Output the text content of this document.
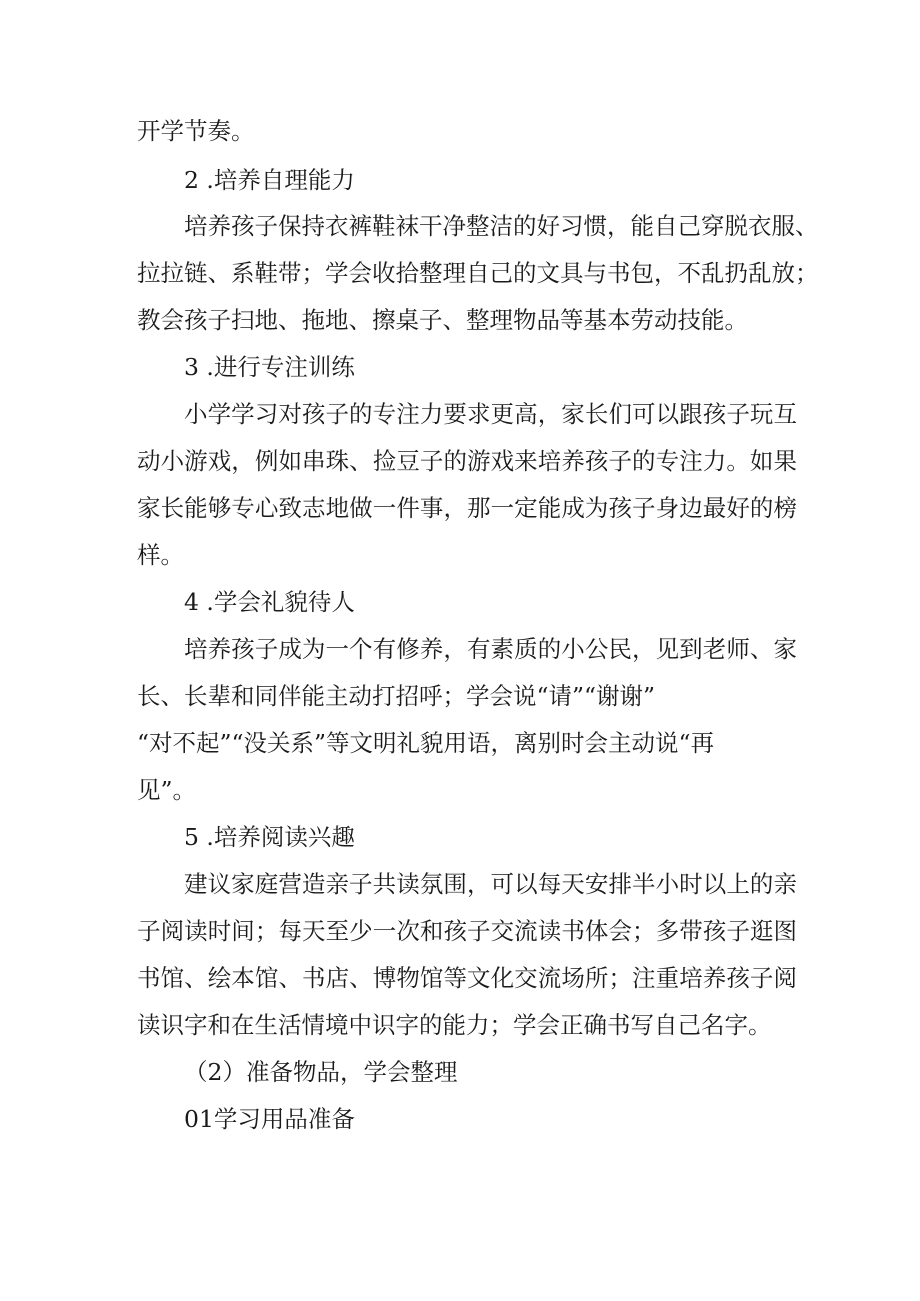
开学节奏。

2 .培养自理能力

培养孩子保持衣裤鞋袜干净整洁的好习惯，能自己穿脱衣服、

拉拉链、系鞋带；学会收拾整理自己的文具与书包，不乱扔乱放；

教会孩子扫地、拖地、擦桌子、整理物品等基本劳动技能。

3 .进行专注训练

小学学习对孩子的专注力要求更高，家长们可以跟孩子玩互

动小游戏，例如串珠、捡豆子的游戏来培养孩子的专注力。如果

家长能够专心致志地做一件事，那一定能成为孩子身边最好的榜

样。

4 .学会礼貌待人

培养孩子成为一个有修养，有素质的小公民，见到老师、家

长、长辈和同伴能主动打招呼；学会说“请”“谢谢”

“对不起”“没关系”等文明礼貌用语，离别时会主动说“再

见”。

5 .培养阅读兴趣

建议家庭营造亲子共读氛围，可以每天安排半小时以上的亲

子阅读时间；每天至少一次和孩子交流读书体会；多带孩子逛图

书馆、绘本馆、书店、博物馆等文化交流场所；注重培养孩子阅

读识字和在生活情境中识字的能力；学会正确书写自己名字。

（2）准备物品，学会整理

01学习用品准备
